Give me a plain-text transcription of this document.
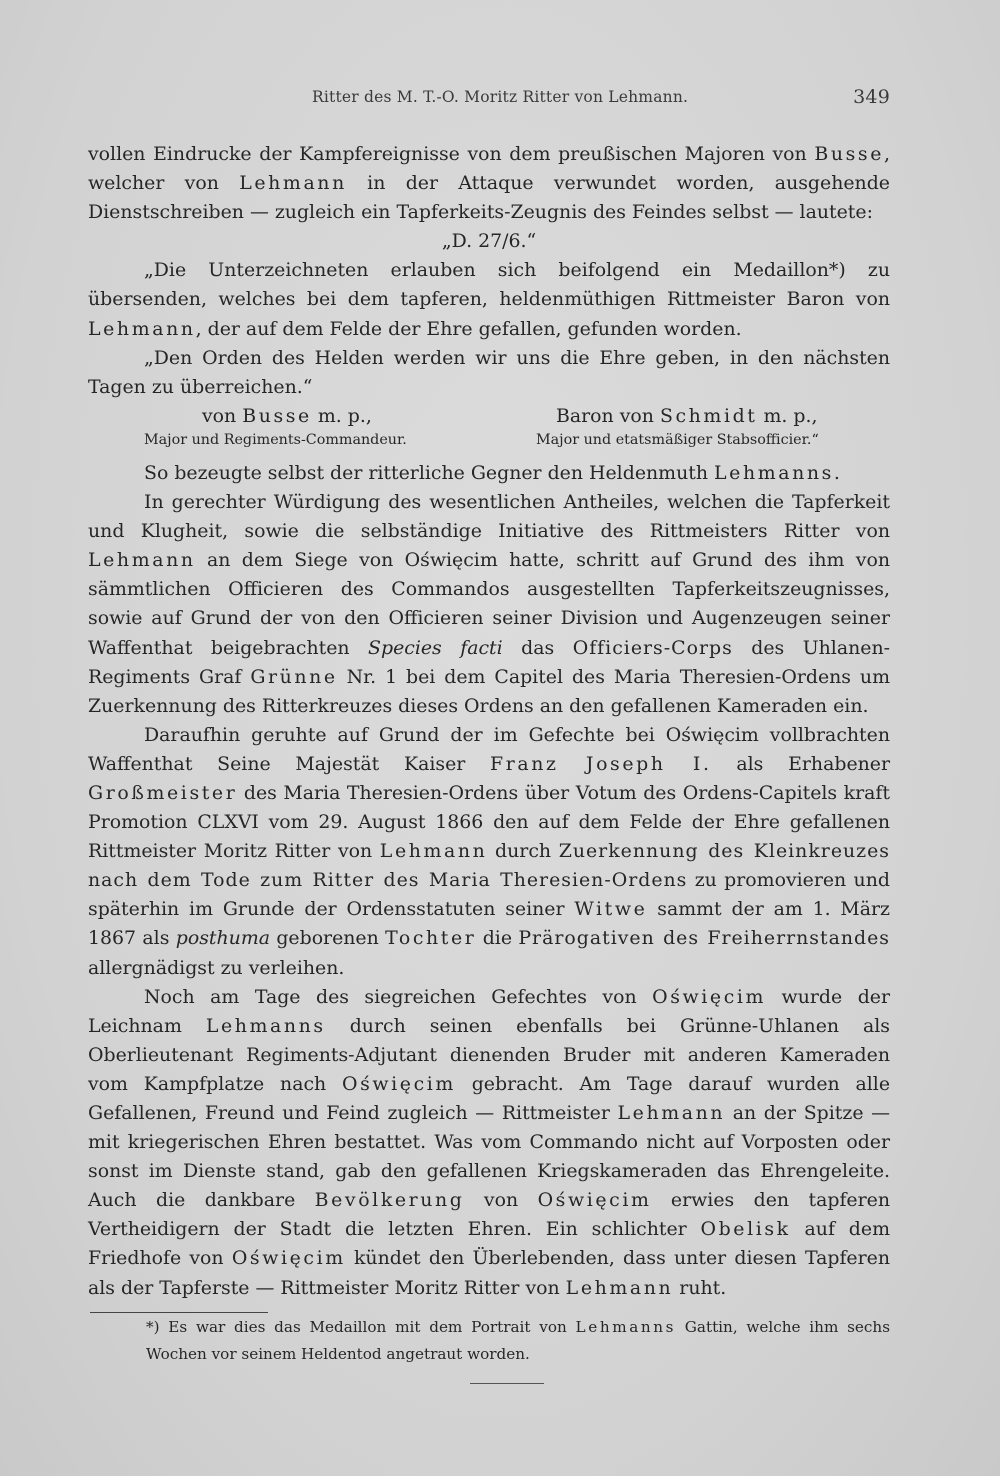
Ritter des M. T.-O. Moritz Ritter von Lehmann.	349

vollen Eindrucke der Kampfereignisse von dem preußischen Majoren von Busse, welcher von Lehmann in der Attaque verwundet worden, ausgehende Dienstschreiben — zugleich ein Tapferkeits-Zeugnis des Feindes selbst — lautete:

„D. 27/6.“

„Die Unterzeichneten erlauben sich beifolgend ein Medaillon*) zu übersenden, welches bei dem tapferen, heldenmüthigen Rittmeister Baron von Lehmann, der auf dem Felde der Ehre gefallen, gefunden worden.

„Den Orden des Helden werden wir uns die Ehre geben, in den nächsten Tagen zu überreichen.“

von Busse m. p.,
Major und Regiments-Commandeur.
Baron von Schmidt m. p.,
Major und etatsmäßiger Stabsofficier.“

So bezeugte selbst der ritterliche Gegner den Heldenmuth Lehmanns.

In gerechter Würdigung des wesentlichen Antheiles, welchen die Tapferkeit und Klugheit, sowie die selbständige Initiative des Rittmeisters Ritter von Lehmann an dem Siege von Oświęcim hatte, schritt auf Grund des ihm von sämmtlichen Officieren des Commandos ausgestellten Tapferkeitszeugnisses, sowie auf Grund der von den Officieren seiner Division und Augenzeugen seiner Waffenthat beigebrachten Species facti das Officiers-Corps des Uhlanen-Regiments Graf Grünne Nr. 1 bei dem Capitel des Maria Theresien-Ordens um Zuerkennung des Ritterkreuzes dieses Ordens an den gefallenen Kameraden ein.

Daraufhin geruhte auf Grund der im Gefechte bei Oświęcim vollbrachten Waffenthat Seine Majestät Kaiser Franz Joseph I. als Erhabener Großmeister des Maria Theresien-Ordens über Votum des Ordens-Capitels kraft Promotion CLXVI vom 29. August 1866 den auf dem Felde der Ehre gefallenen Rittmeister Moritz Ritter von Lehmann durch Zuerkennung des Kleinkreuzes nach dem Tode zum Ritter des Maria Theresien-Ordens zu promovieren und späterhin im Grunde der Ordensstatuten seiner Witwe sammt der am 1. März 1867 als posthuma geborenen Tochter die Prärogativen des Freiherrnstandes allergnädigst zu verleihen.

Noch am Tage des siegreichen Gefechtes von Oświęcim wurde der Leichnam Lehmanns durch seinen ebenfalls bei Grünne-Uhlanen als Oberlieutenant Regiments-Adjutant dienenden Bruder mit anderen Kameraden vom Kampfplatze nach Oświęcim gebracht. Am Tage darauf wurden alle Gefallenen, Freund und Feind zugleich — Rittmeister Lehmann an der Spitze — mit kriegerischen Ehren bestattet. Was vom Commando nicht auf Vorposten oder sonst im Dienste stand, gab den gefallenen Kriegskameraden das Ehrengeleite. Auch die dankbare Bevölkerung von Oświęcim erwies den tapferen Vertheidigern der Stadt die letzten Ehren. Ein schlichter Obelisk auf dem Friedhofe von Oświęcim kündet den Überlebenden, dass unter diesen Tapferen als der Tapferste — Rittmeister Moritz Ritter von Lehmann ruht.

*) Es war dies das Medaillon mit dem Portrait von Lehmanns Gattin, welche ihm sechs Wochen vor seinem Heldentod angetraut worden.
